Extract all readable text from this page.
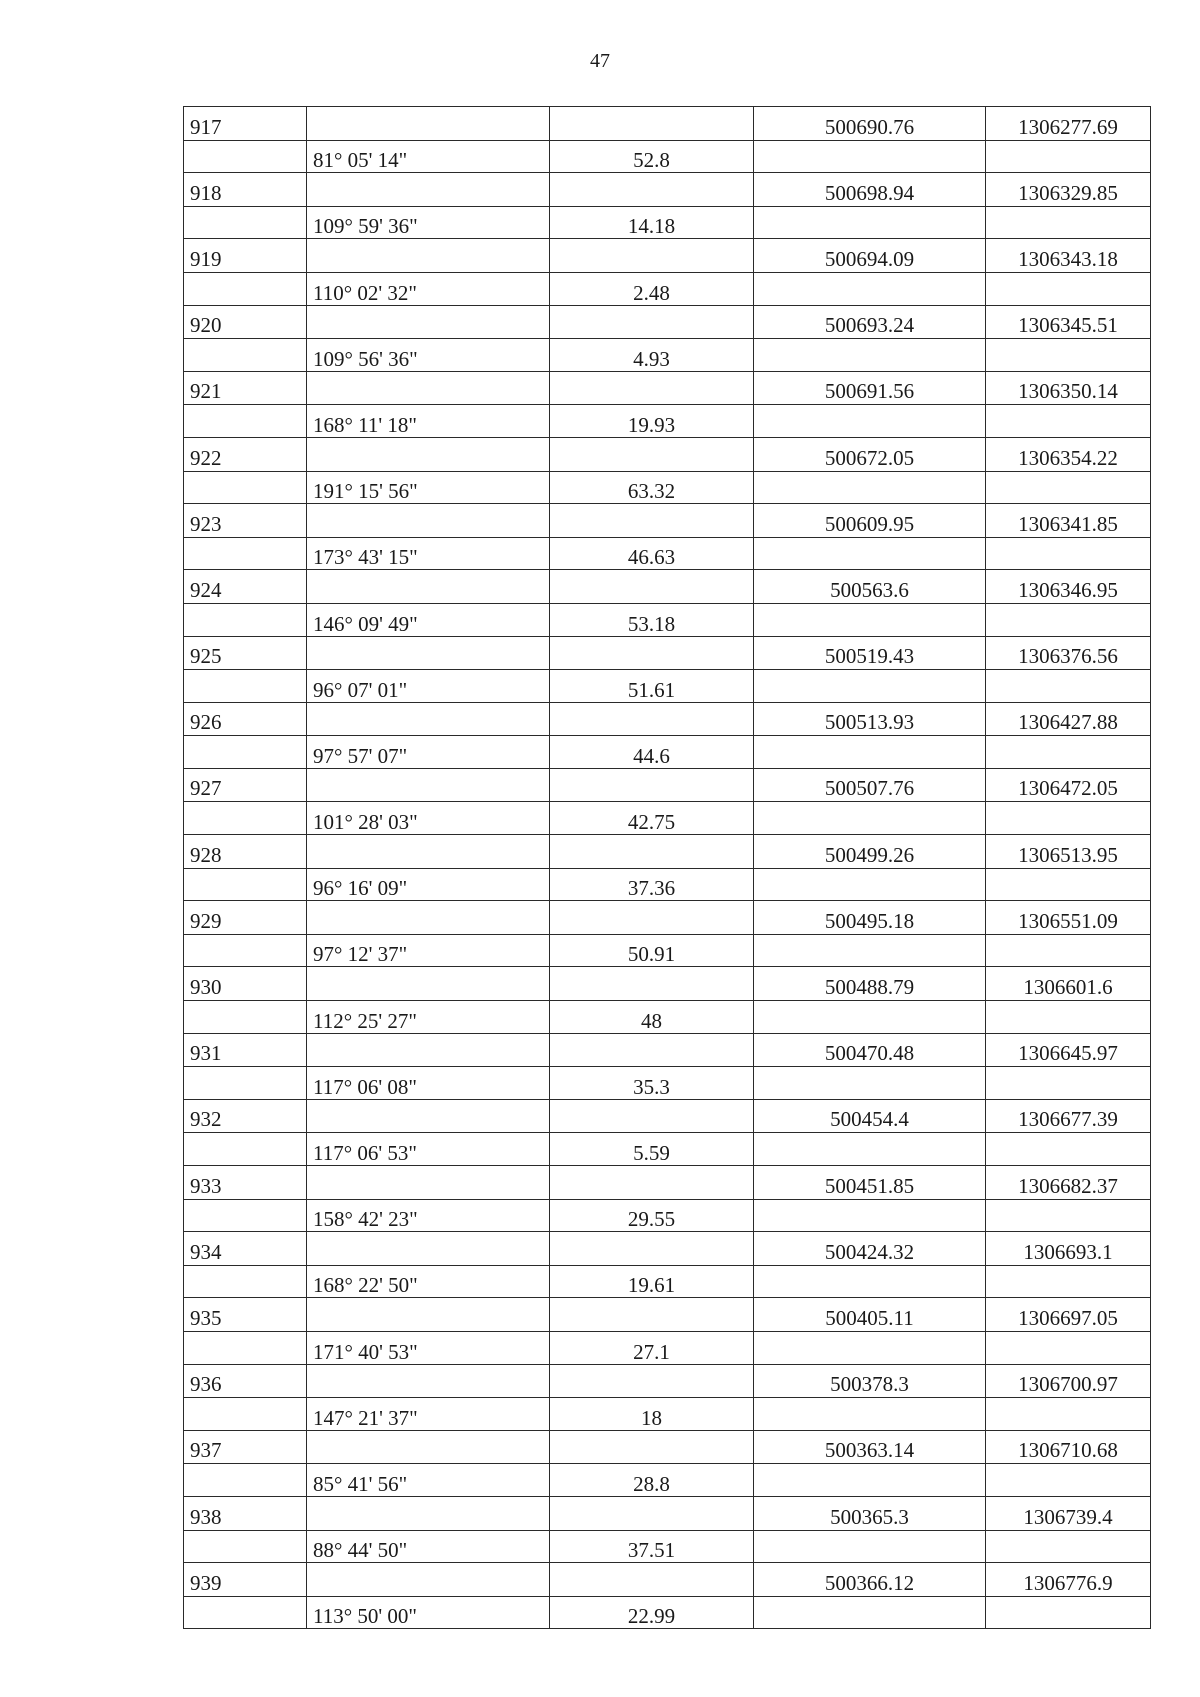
47
917			500690.76	1306277.69
	81° 05' 14"	52.8		
918			500698.94	1306329.85
	109° 59' 36"	14.18		
919			500694.09	1306343.18
	110° 02' 32"	2.48		
920			500693.24	1306345.51
	109° 56' 36"	4.93		
921			500691.56	1306350.14
	168° 11' 18"	19.93		
922			500672.05	1306354.22
	191° 15' 56"	63.32		
923			500609.95	1306341.85
	173° 43' 15"	46.63		
924			500563.6	1306346.95
	146° 09' 49"	53.18		
925			500519.43	1306376.56
	96° 07' 01"	51.61		
926			500513.93	1306427.88
	97° 57' 07"	44.6		
927			500507.76	1306472.05
	101° 28' 03"	42.75		
928			500499.26	1306513.95
	96° 16' 09"	37.36		
929			500495.18	1306551.09
	97° 12' 37"	50.91		
930			500488.79	1306601.6
	112° 25' 27"	48		
931			500470.48	1306645.97
	117° 06' 08"	35.3		
932			500454.4	1306677.39
	117° 06' 53"	5.59		
933			500451.85	1306682.37
	158° 42' 23"	29.55		
934			500424.32	1306693.1
	168° 22' 50"	19.61		
935			500405.11	1306697.05
	171° 40' 53"	27.1		
936			500378.3	1306700.97
	147° 21' 37"	18		
937			500363.14	1306710.68
	85° 41' 56"	28.8		
938			500365.3	1306739.4
	88° 44' 50"	37.51		
939			500366.12	1306776.9
	113° 50' 00"	22.99		
